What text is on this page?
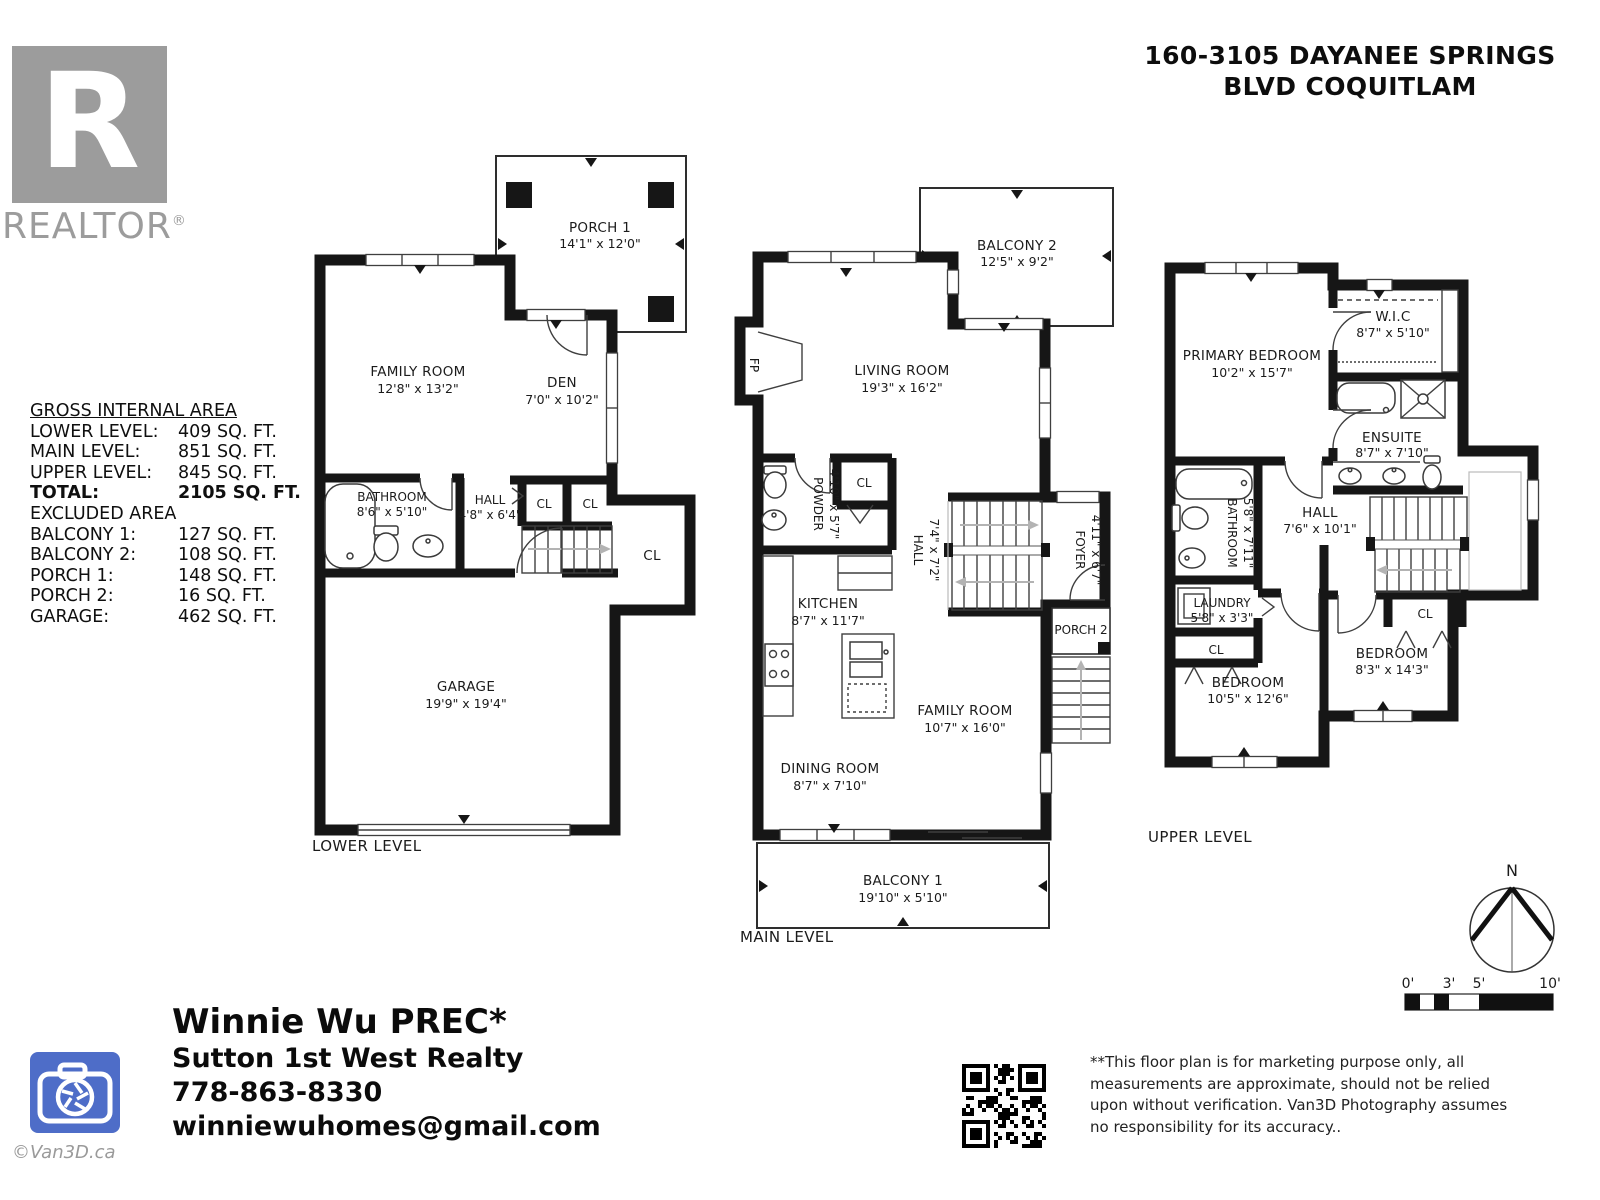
R
REALTOR®
160-3105 DAYANEE SPRINGS
BLVD COQUITLAM
GROSS INTERNAL AREA
LOWER LEVEL:	409 SQ. FT.
MAIN LEVEL:	851 SQ. FT.
UPPER LEVEL:	845 SQ. FT.
TOTAL:	2105 SQ. FT.
EXCLUDED AREA
BALCONY 1:	127 SQ. FT.
BALCONY 2:	108 SQ. FT.
PORCH 1:	148 SQ. FT.
PORCH 2:	16 SQ. FT.
GARAGE:	462 SQ. FT.
PORCH 1
14'1" x 12'0"
FAMILY ROOM
12'8" x 13'2"	DEN
7'0" x 10'2"
BATHROOM
8'6" x 5'10"
HALL
4'8" x 6'4"
CL	CL
CL
GARAGE
19'9" x 19'4"
LOWER LEVEL
FP
BALCONY 2
12'5" x 9'2"
LIVING ROOM
19'3" x 16'2"
POWDER 4'10" x 5'7" CL
HALL 7'4" x 7'2"	FOYER 4'11" x 6'7"
PORCH 2
KITCHEN
8'7" x 11'7"
FAMILY ROOM
10'7" x 16'0"
DINING ROOM
8'7" x 7'10"
BALCONY 1
19'10" x 5'10"
MAIN LEVEL
PRIMARY BEDROOM
10'2" x 15'7"
W.I.C
8'7" x 5'10"
ENSUITE
8'7" x 7'10"
BATHROOM 5'8" x 7'11"	HALL
7'6" x 10'1"
LAUNDRY
5'8" x 3'3"
CL
CL
BEDROOM
10'5" x 12'6"
BEDROOM
8'3" x 14'3"
UPPER LEVEL
N
0' 3' 5'	10'
Winnie Wu PREC*
Sutton 1st West Realty
778-863-8330
winniewuhomes@gmail.com
©Van3D.ca
**This floor plan is for marketing purpose only, all measurements are approximate, should not be relied upon without verification. Van3D Photography assumes no responsibility for its accuracy..
